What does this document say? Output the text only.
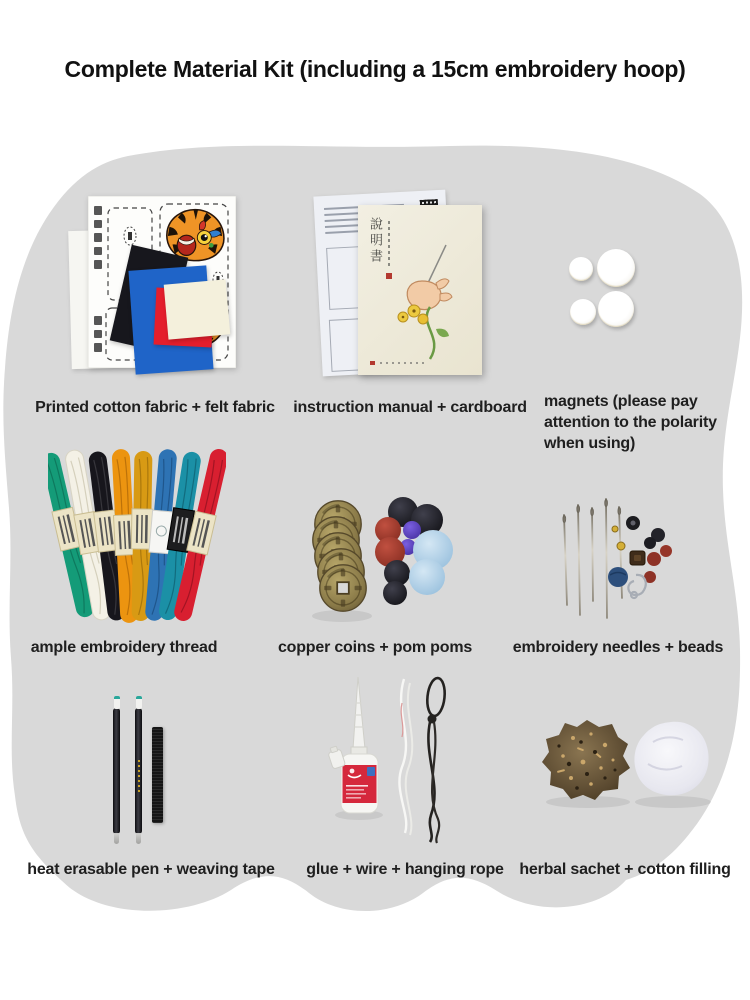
Complete Material Kit (including a 15cm embroidery hoop)
Printed cotton fabric + felt fabric
說明書
instruction manual + cardboard magnets (please pay
attention to the polarity
when using)
ample embroidery thread	copper coins + pom poms	embroidery needles + beads
heat erasable pen + weaving tape glue + wire + hanging rope herbal sachet + cotton filling
